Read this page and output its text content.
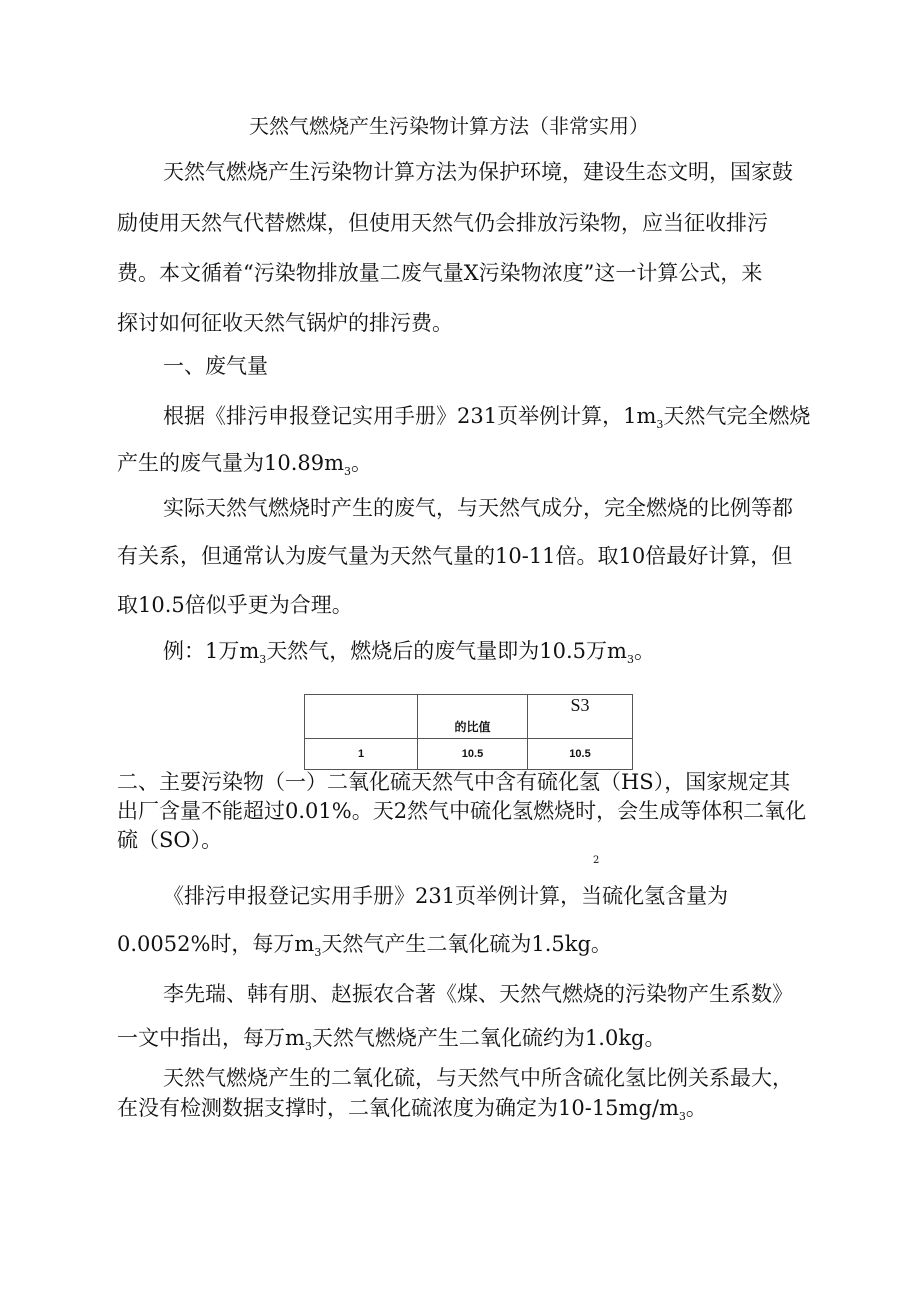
天然气燃烧产生污染物计算方法（非常实用）
天然气燃烧产生污染物计算方法为保护环境，建设生态文明，国家鼓
励使用天然气代替燃煤，但使用天然气仍会排放污染物，应当征收排污
费。本文循着“污染物排放量二废气量X污染物浓度”这一计算公式，来
探讨如何征收天然气锅炉的排污费。
一、废气量
根据《排污申报登记实用手册》231页举例计算，$1m_3$天然气完全燃烧
产生的废气量为$10.89m_3$。
实际天然气燃烧时产生的废气，与天然气成分，完全燃烧的比例等都
有关系，但通常认为废气量为天然气量的10-11倍。取10倍最好计算，但
取10.5倍似乎更为合理。
例：1万$m_3$天然气，燃烧后的废气量即为10.5万$m_3$。
	的比值	S3
1	10.5	10.5
二、主要污染物（一）二氧化硫天然气中含有硫化氢（HS），国家规定其
出厂含量不能超过0.01%。天2然气中硫化氢燃烧时，会生成等体积二氧化
硫（SO）。
2
《排污申报登记实用手册》231页举例计算，当硫化氢含量为
0.0052%时，每万$m_3$天然气产生二氧化硫为1.5kg。
李先瑞、韩有朋、赵振农合著《煤、天然气燃烧的污染物产生系数》
一文中指出，每万$m_3$天然气燃烧产生二氧化硫约为1.0kg。
天然气燃烧产生的二氧化硫，与天然气中所含硫化氢比例关系最大，
在没有检测数据支撑时，二氧化硫浓度为确定为$10-15mg/m_3$。
